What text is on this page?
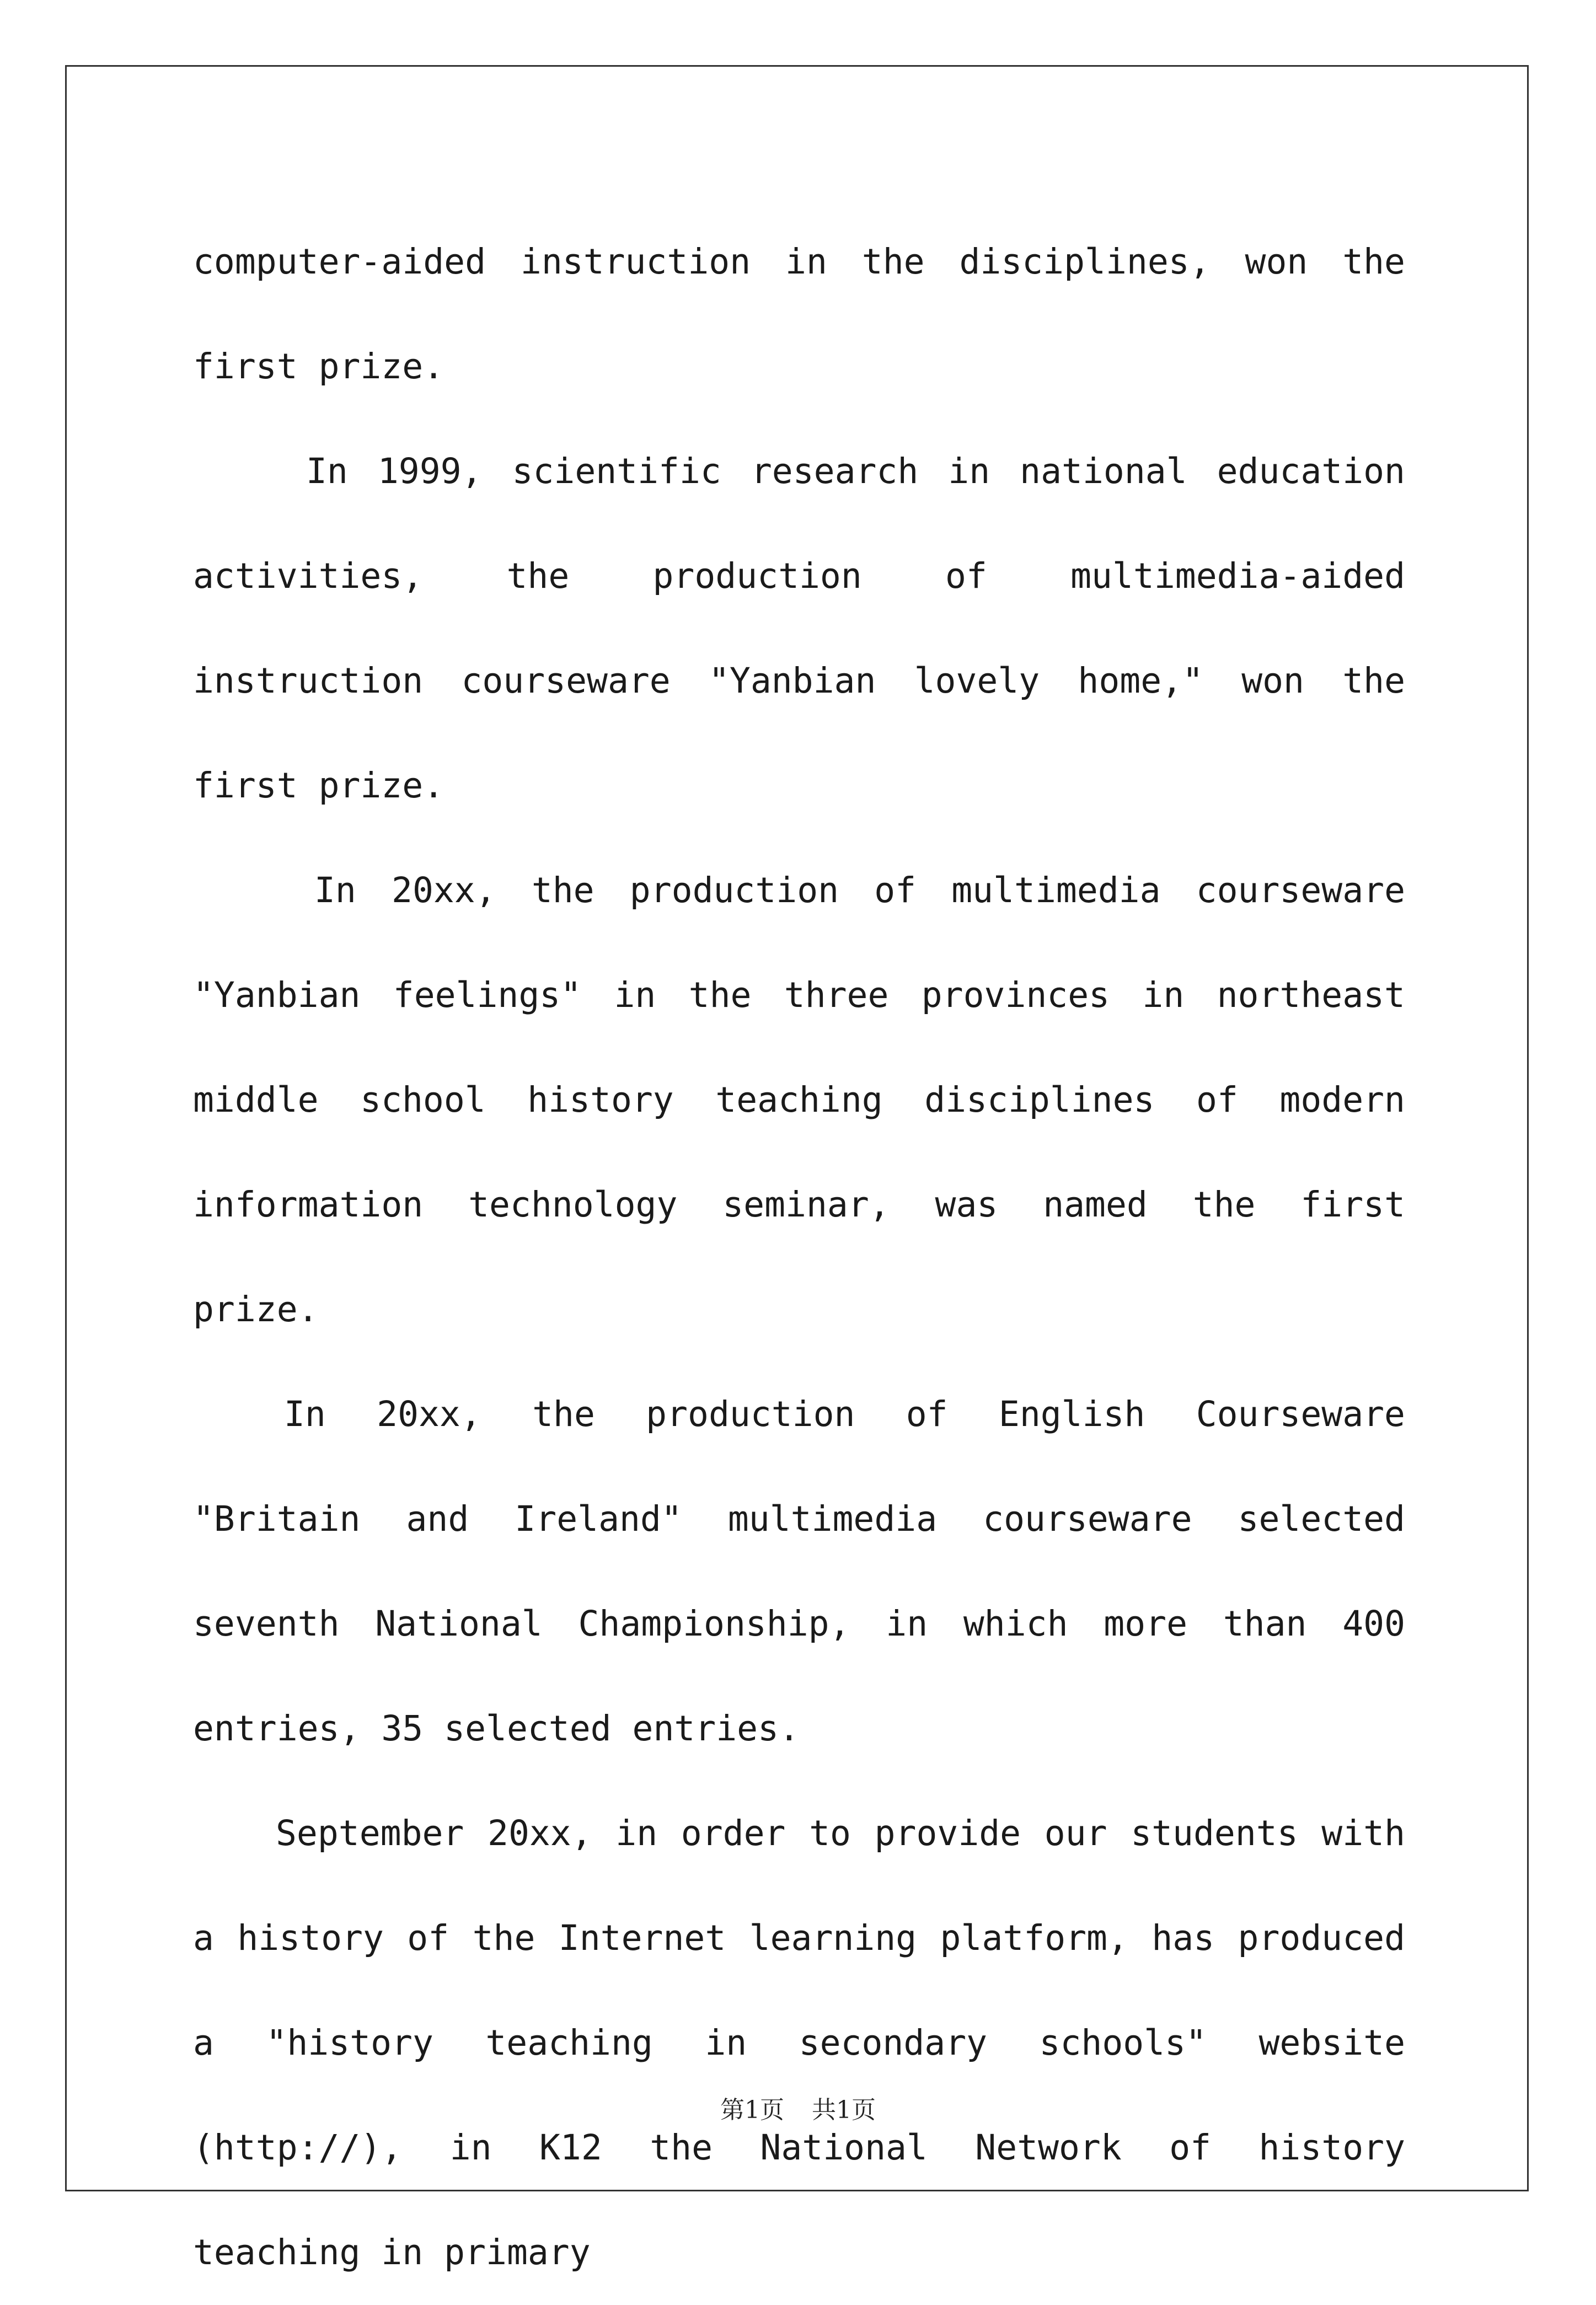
computer-aided instruction in the disciplines, won the first prize.

In 1999, scientific research in national education activities, the production of multimedia-aided instruction courseware "Yanbian lovely home," won the first prize.

In 20xx, the production of multimedia courseware "Yanbian feelings" in the three provinces in northeast middle school history teaching disciplines of modern information technology seminar, was named the first prize.

In 20xx, the production of English Courseware "Britain and Ireland" multimedia courseware selected seventh National Championship, in which more than 400 entries, 35 selected entries.

September 20xx, in order to provide our students with a history of the Internet learning platform, has produced a "history teaching in secondary schools" website (http://), in K12 the National Network of history teaching in primary

第1页 共1页
